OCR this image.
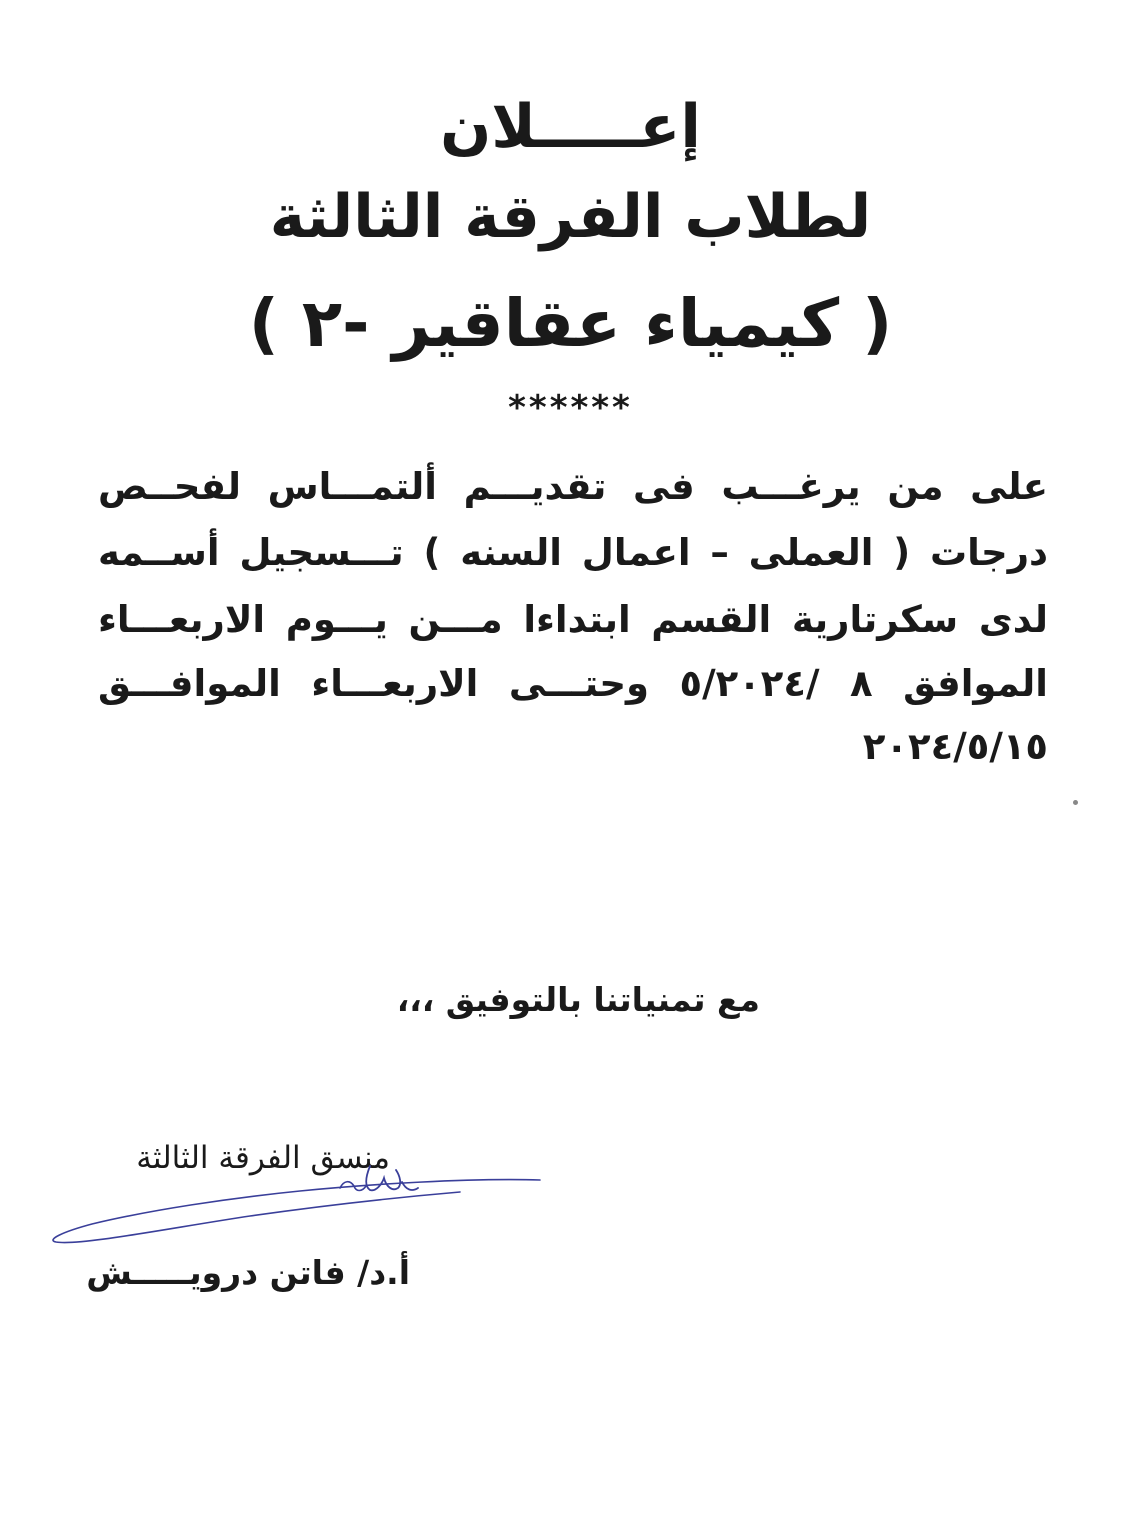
إعـــــلان
لطلاب الفرقة الثالثة
( كيمياء عقاقير -٢ )
******
على من يرغـــب فى تقديـــم ألتمـــاس لفحــص
درجات ( العملى – اعمال السنه ) تـــسجيل أســمه
لدى سكرتارية القسم ابتداءا مـــن يـــوم الاربعـــاء
الموافق ٨ /٥/٢٠٢٤ وحتـــى الاربعـــاء الموافـــق
٢٠٢٤/٥/١٥
مع تمنياتنا بالتوفيق ،،،
منسق الفرقة الثالثة
أ.د/ فاتن درويـــــش
